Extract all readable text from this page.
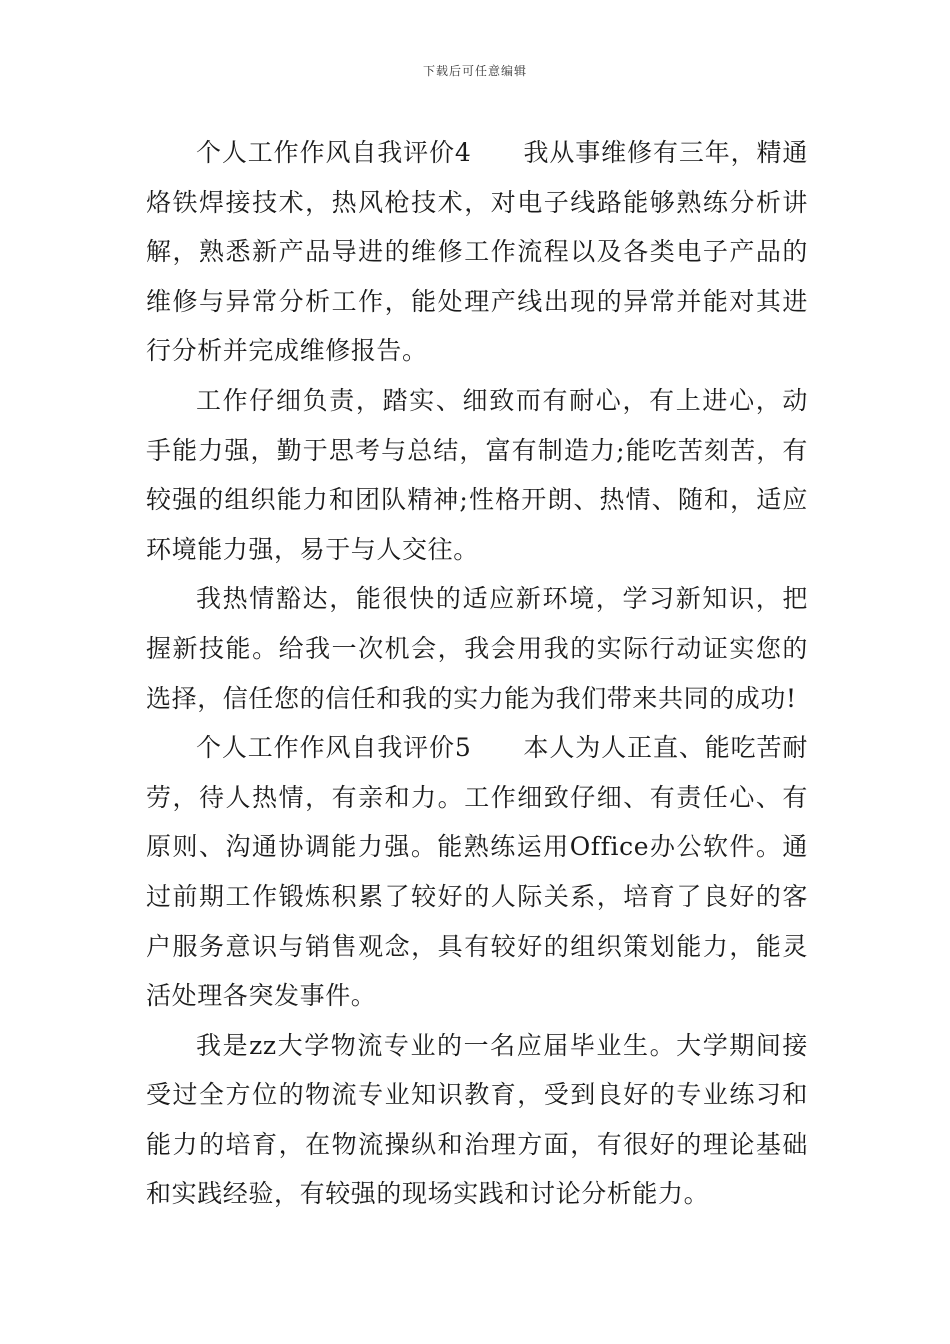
下载后可任意编辑

个人工作作风自我评价4　　我从事维修有三年，精通烙铁焊接技术，热风枪技术，对电子线路能够熟练分析讲解，熟悉新产品导进的维修工作流程以及各类电子产品的维修与异常分析工作，能处理产线出现的异常并能对其进行分析并完成维修报告。

工作仔细负责，踏实、细致而有耐心，有上进心，动手能力强，勤于思考与总结，富有制造力;能吃苦刻苦，有较强的组织能力和团队精神;性格开朗、热情、随和，适应环境能力强，易于与人交往。

我热情豁达，能很快的适应新环境，学习新知识，把握新技能。给我一次机会，我会用我的实际行动证实您的选择，信任您的信任和我的实力能为我们带来共同的成功!

个人工作作风自我评价5　　本人为人正直、能吃苦耐劳，待人热情，有亲和力。工作细致仔细、有责任心、有原则、沟通协调能力强。能熟练运用Office办公软件。通过前期工作锻炼积累了较好的人际关系，培育了良好的客户服务意识与销售观念，具有较好的组织策划能力，能灵活处理各突发事件。

我是zz大学物流专业的一名应届毕业生。大学期间接受过全方位的物流专业知识教育，受到良好的专业练习和能力的培育，在物流操纵和治理方面，有很好的理论基础和实践经验，有较强的现场实践和讨论分析能力。
